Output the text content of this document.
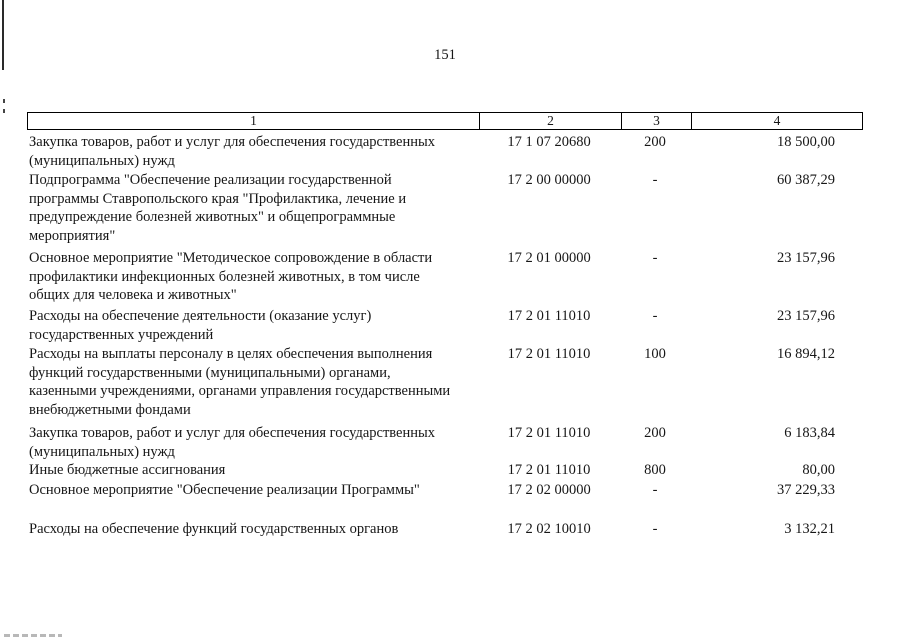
151
1	2	3	4
Закупка товаров, работ и услуг для обеспечения государственных
(муниципальных) нужд
17 1 07 20680	200	18 500,00
Подпрограмма "Обеспечение реализации государственной
программы Ставропольского края "Профилактика, лечение и
предупреждение болезней животных" и общепрограммные
мероприятия"
17 2 00 00000	-	60 387,29
Основное мероприятие "Методическое сопровождение в области
профилактики инфекционных болезней животных, в том числе
общих для человека и животных"
17 2 01 00000	-	23 157,96
Расходы на обеспечение деятельности (оказание услуг)
государственных учреждений
17 2 01 11010	-	23 157,96
Расходы на выплаты персоналу в целях обеспечения выполнения
функций государственными (муниципальными) органами,
казенными учреждениями, органами управления государственными
внебюджетными фондами
17 2 01 11010	100	16 894,12
Закупка товаров, работ и услуг для обеспечения государственных
(муниципальных) нужд
17 2 01 11010	200	6 183,84
Иные бюджетные ассигнования	17 2 01 11010	800	80,00
Основное мероприятие "Обеспечение реализации Программы"	17 2 02 00000	-	37 229,33
Расходы на обеспечение функций государственных органов	17 2 02 10010	-	3 132,21
